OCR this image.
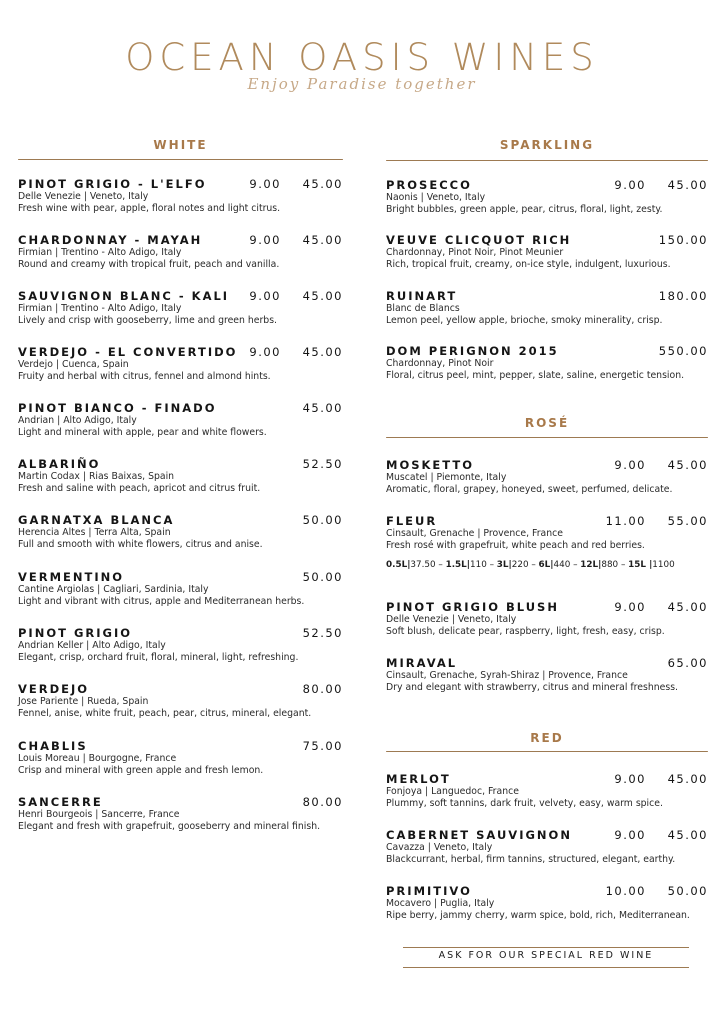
OCEAN OASIS WINES
Enjoy Paradise together
WHITE
PINOT GRIGIO - L'ELFO	9.00 45.00
Delle Venezie | Veneto, Italy
Fresh wine with pear, apple, floral notes and light citrus.
CHARDONNAY - MAYAH	9.00 45.00
Firmian | Trentino - Alto Adigo, Italy
Round and creamy with tropical fruit, peach and vanilla.
SAUVIGNON BLANC - KALI	9.00 45.00
Firmian | Trentino - Alto Adigo, Italy
Lively and crisp with gooseberry, lime and green herbs.
VERDEJO - EL CONVERTIDO	9.00 45.00
Verdejo | Cuenca, Spain
Fruity and herbal with citrus, fennel and almond hints.
PINOT BIANCO - FINADO	45.00
Andrian | Alto Adigo, Italy
Light and mineral with apple, pear and white flowers.
ALBARIÑO	52.50
Martin Codax | Rias Baixas, Spain
Fresh and saline with peach, apricot and citrus fruit.
GARNATXA BLANCA	50.00
Herencia Altes | Terra Alta, Spain
Full and smooth with white flowers, citrus and anise.
VERMENTINO	50.00
Cantine Argiolas | Cagliari, Sardinia, Italy
Light and vibrant with citrus, apple and Mediterranean herbs.
PINOT GRIGIO	52.50
Andrian Keller | Alto Adigo, Italy
Elegant, crisp, orchard fruit, floral, mineral, light, refreshing.
VERDEJO	80.00
Jose Pariente | Rueda, Spain
Fennel, anise, white fruit, peach, pear, citrus, mineral, elegant.
CHABLIS	75.00
Louis Moreau | Bourgogne, France
Crisp and mineral with green apple and fresh lemon.
SANCERRE	80.00
Henri Bourgeois | Sancerre, France
Elegant and fresh with grapefruit, gooseberry and mineral finish.
SPARKLING
PROSECCO	9.00 45.00
Naonis | Veneto, Italy
Bright bubbles, green apple, pear, citrus, floral, light, zesty.
VEUVE CLICQUOT RICH	150.00
Chardonnay, Pinot Noir, Pinot Meunier
Rich, tropical fruit, creamy, on-ice style, indulgent, luxurious.
RUINART	180.00
Blanc de Blancs
Lemon peel, yellow apple, brioche, smoky minerality, crisp.
DOM PERIGNON 2015	550.00
Chardonnay, Pinot Noir
Floral, citrus peel, mint, pepper, slate, saline, energetic tension.
ROSÉ
MOSKETTO	9.00 45.00
Muscatel | Piemonte, Italy
Aromatic, floral, grapey, honeyed, sweet, perfumed, delicate.
FLEUR	11.00 55.00
Cinsault, Grenache | Provence, France
Fresh rosé with grapefruit, white peach and red berries.
0.5L|37.50 – 1.5L|110 – 3L|220 – 6L|440 – 12L|880 – 15L |1100
PINOT GRIGIO BLUSH	9.00 45.00
Delle Venezie | Veneto, Italy
Soft blush, delicate pear, raspberry, light, fresh, easy, crisp.
MIRAVAL	65.00
Cinsault, Grenache, Syrah-Shiraz | Provence, France
Dry and elegant with strawberry, citrus and mineral freshness.
RED
MERLOT	9.00 45.00
Fonjoya | Languedoc, France
Plummy, soft tannins, dark fruit, velvety, easy, warm spice.
CABERNET SAUVIGNON	9.00 45.00
Cavazza | Veneto, Italy
Blackcurrant, herbal, firm tannins, structured, elegant, earthy.
PRIMITIVO	10.00 50.00
Mocavero | Puglia, Italy
Ripe berry, jammy cherry, warm spice, bold, rich, Mediterranean.
ASK FOR OUR SPECIAL RED WINE
